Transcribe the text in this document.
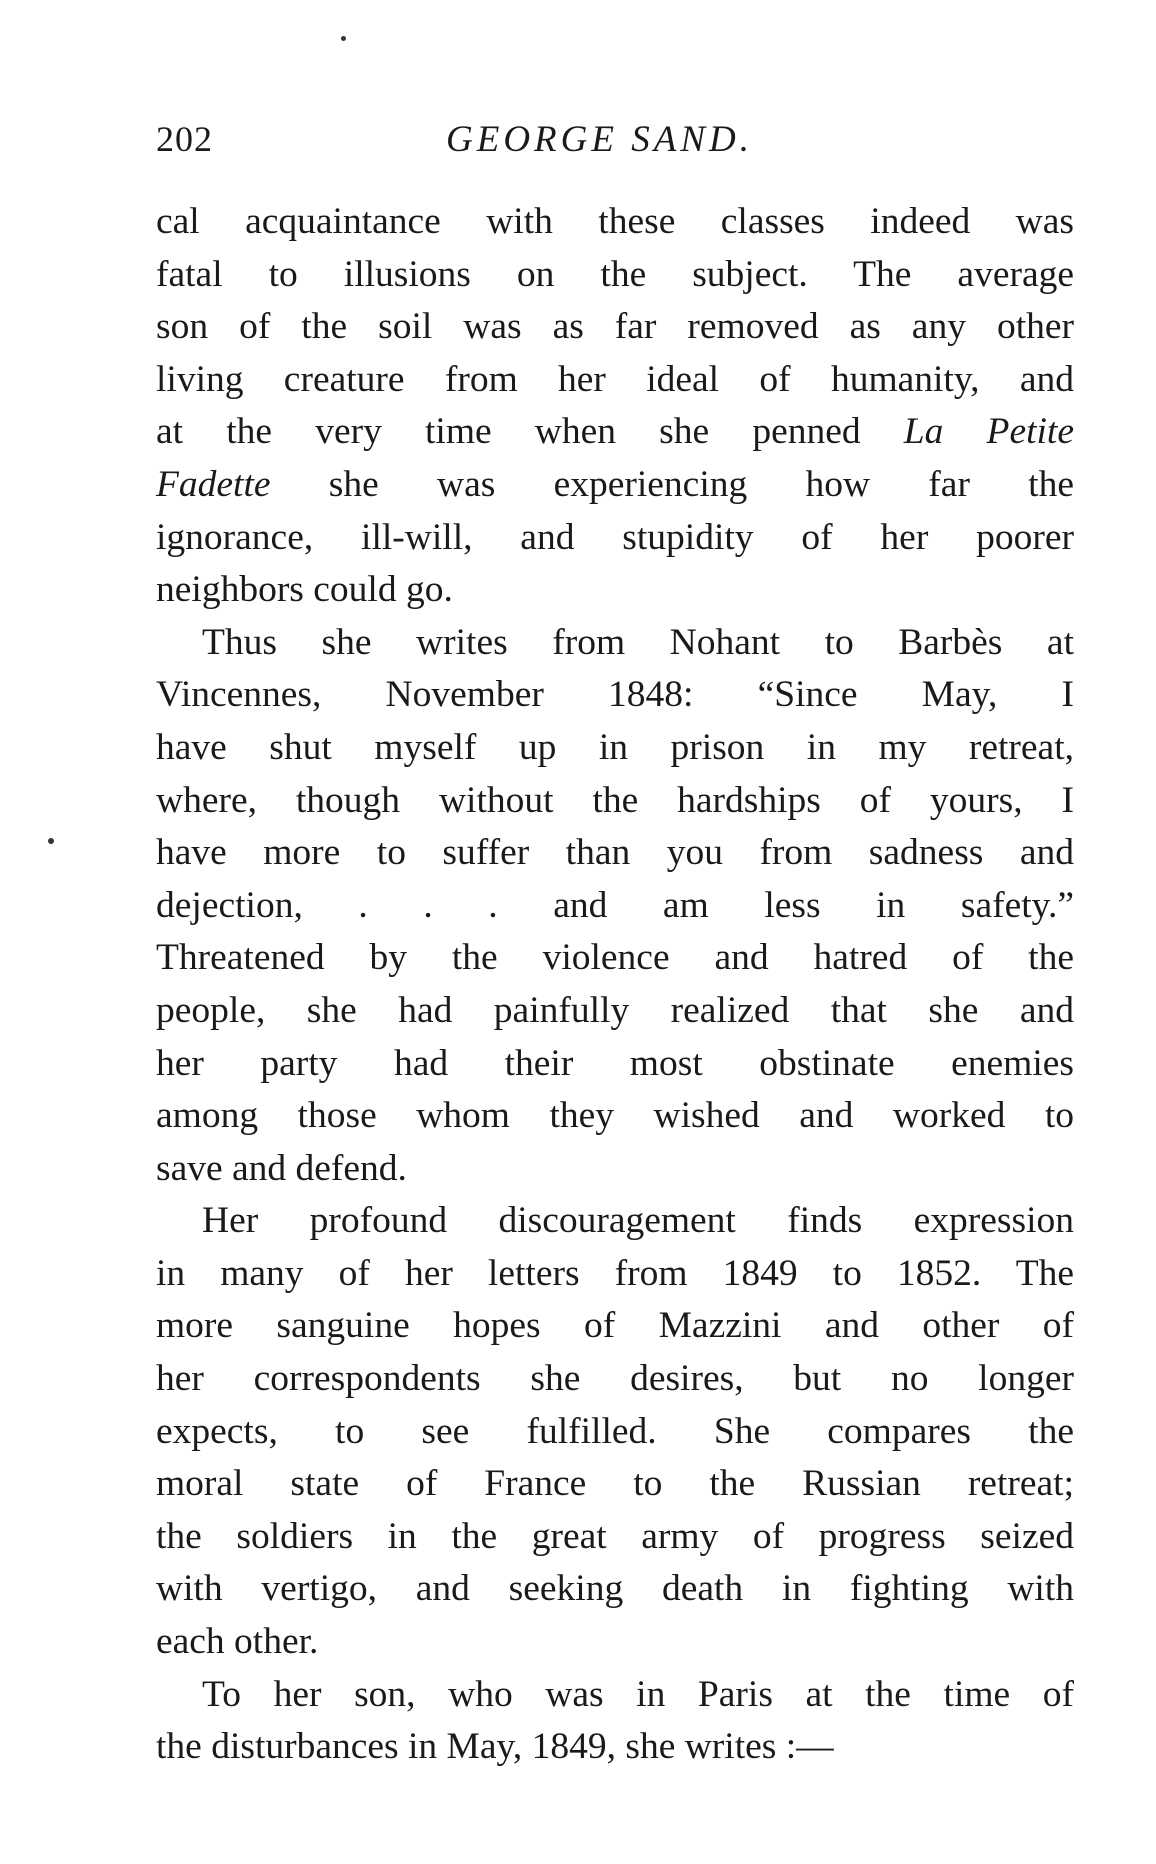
202	GEORGE SAND.
cal acquaintance with these classes indeed was
fatal to illusions on the subject. The average
son of the soil was as far removed as any other
living creature from her ideal of humanity, and
at the very time when she penned La Petite
Fadette she was experiencing how far the
ignorance, ill-will, and stupidity of her poorer
neighbors could go.
Thus she writes from Nohant to Barbès at
Vincennes, November 1848: “Since May, I
have shut myself up in prison in my retreat,
where, though without the hardships of yours, I
have more to suffer than you from sadness and
dejection, . . . and am less in safety.”
Threatened by the violence and hatred of the
people, she had painfully realized that she and
her party had their most obstinate enemies
among those whom they wished and worked to
save and defend.
Her profound discouragement finds expression
in many of her letters from 1849 to 1852. The
more sanguine hopes of Mazzini and other of
her correspondents she desires, but no longer
expects, to see fulfilled. She compares the
moral state of France to the Russian retreat;
the soldiers in the great army of progress seized
with vertigo, and seeking death in fighting with
each other.
To her son, who was in Paris at the time of
the disturbances in May, 1849, she writes :—
